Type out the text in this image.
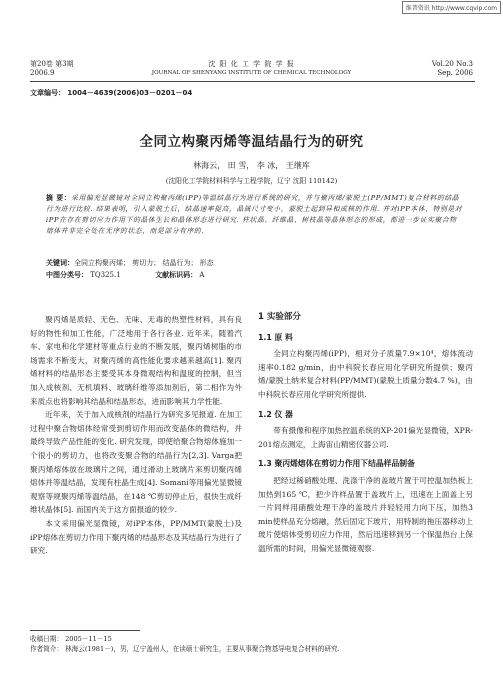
维普资讯 http://www.cqvip.com
第20卷 第3期
2006.9
沈 阳 化 工 学 院 学 报
JOURNAL OF SHENYANG INSTITUTE OF CHEMICAL TECHNOLOGY
Vol.20 No.3
Sep. 2006
文章编号： 1004－4639(2006)03－0201－04
全同立构聚丙烯等温结晶行为的研究
林海云， 田 雪， 李 冰， 王继库
(沈阳化工学院材料科学与工程学院，辽宁 沈阳 110142)
摘 要：采用偏光显微镜对全同立构聚丙烯(iPP)等温结晶行为进行系统的研究，并与聚丙烯/蒙脱土(PP/MMT)复合材料的结晶行为进行比较. 结果表明，引入蒙脱土后，结晶速率提高，晶属尺寸变小，蒙脱土起到异相成核的作用. 并对iPP本体，特别是对iPP在存在剪切应力作用下的晶体生长和晶体形态进行研究. 柱状晶、纤维晶、树枝晶等晶体形态的形成，都进一步证实聚合物熔体并非完全处在无序的状态，而是部分有序的.
关键词：全同立构聚丙烯； 剪切力； 结晶行为； 形态
中图分类号： TQ325.1	文献标识码： A

聚丙烯是质轻、无色、无味、无毒的热塑性材料，具有良好的物性和加工性能，广泛地用于各行各业. 近年来，随着汽车、家电和化学建材等重点行业的不断发展，聚丙烯树脂的市场需求不断变大，对聚丙烯的高性能化要求越来越高[1]. 聚丙烯材料的结晶形态主要受其本身微观结构和温度的控制，但当加入成核剂、无机填料、玻璃纤维等添加剂后，第二相作为外来质点也将影响其结晶和结晶形态，进而影响其力学性能.

近年来，关于加入成核剂的结晶行为研究多见报道. 在加工过程中聚合物熔体经常受到剪切作用而改变晶体的微结构，并最终导致产品性能的变化. 研究发现，即使给聚合物熔体施加一个很小的剪切力，也将改变聚合物的结晶行为[2,3]. Varga把聚丙烯熔体放在玻璃片之间，通过滑动上玻璃片来剪切聚丙烯熔体并等温结晶，发现有柱晶生成[4]. Somani等用偏光显微镜观察等规聚丙烯等温结晶，在148 ℃剪切停止后，很快生成纤维状晶体[5]. 而国内关于这方面报道的较少.

本文采用偏光显微镜，对iPP本体，PP/MMT(蒙脱土)及iPP熔体在剪切力作用下聚丙烯的结晶形态及其结晶行为进行了研究.

1 实验部分
1.1 原 料

全同立构聚丙烯(iPP)，相对分子质量7.9×10⁴，熔体流动速率0.182 g/min，由中科院长春应用化学研究所提供；聚丙烯/蒙脱土纳米复合材料(PP/MMT)(蒙脱土质量分数4.7 %)，由中科院长春应用化学研究所提供.

1.2 仪 器

带有摄像和程序加热控温系统的XP-201偏光显微镜，XPR-201熔点测定，上海宙山精密仪器公司.

1.3 聚丙烯熔体在剪切力作用下结晶样品制备

把经过稀硝酸处理、洗涤干净的盖玻片置于可控温加热板上加热到165 ℃，把少许样品置于盖玻片上，迅速在上面盖上另一片同样用硝酸处理干净的盖玻片并轻轻用力向下压，加热3 min使样品充分熔融，然后固定下玻片，用特制的拖压器移动上玻片使熔体受剪切应力作用，然后迅速移到另一个保温热台上保温所需的时间，用偏光显微镜观察.

收稿日期： 2005－11－15
作者简介： 林海云(1981－)，男，辽宁盖州人，在读硕士研究生，主要从事聚合物基导电复合材料的研究.
